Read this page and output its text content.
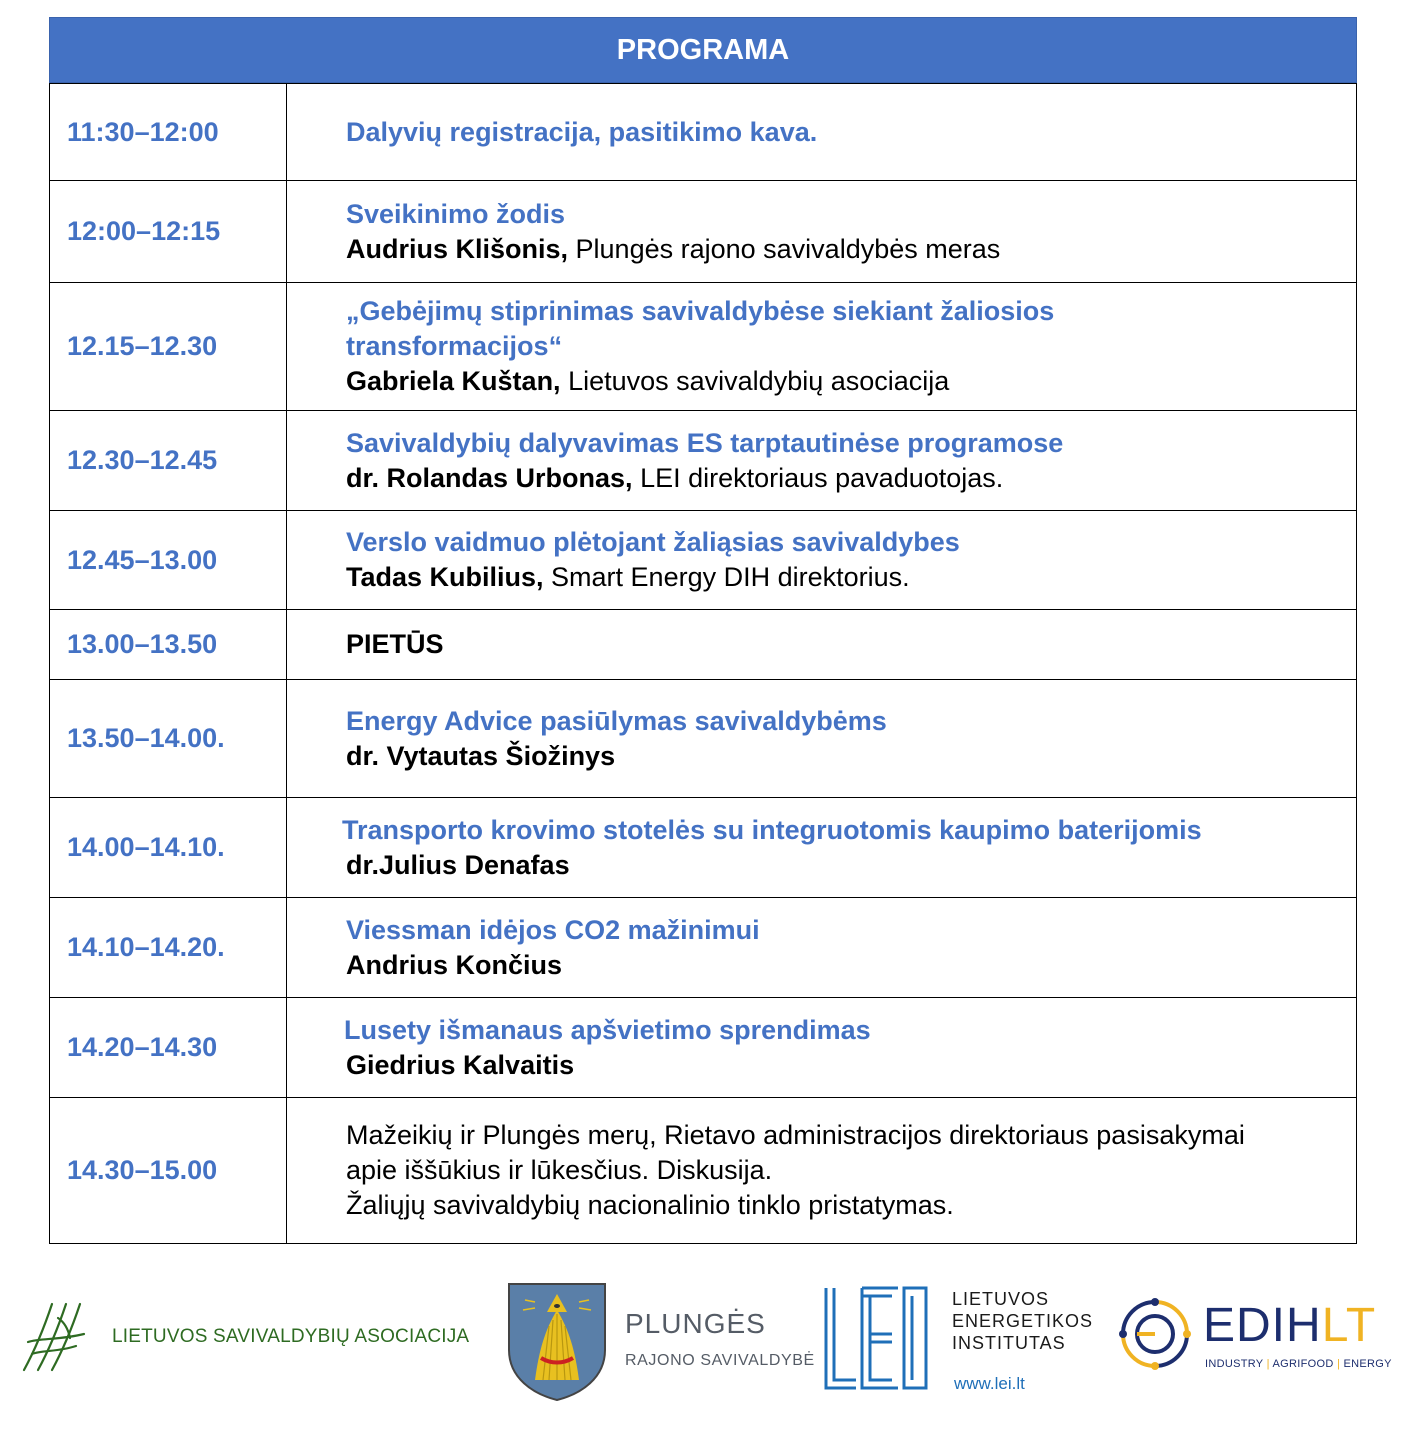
PROGRAMA
11:30–12:00	Dalyvių registracija, pasitikimo kava.

12:00–12:15	Sveikinimo žodis
Audrius Klišonis, Plungės rajono savivaldybės meras

12.15–12.30	„Gebėjimų stiprinimas savivaldybėse siekiant žaliosios
transformacijos“
Gabriela Kuštan, Lietuvos savivaldybių asociacija

12.30–12.45	Savivaldybių dalyvavimas ES tarptautinėse programose
dr. Rolandas Urbonas, LEI direktoriaus pavaduotojas.

12.45–13.00	Verslo vaidmuo plėtojant žaliąsias savivaldybes
Tadas Kubilius, Smart Energy DIH direktorius.

13.00–13.50	PIETŪS

13.50–14.00.	Energy Advice pasiūlymas savivaldybėms
dr. Vytautas Šiožinys

14.00–14.10.	Transporto krovimo stotelės su integruotomis kaupimo baterijomis
dr.Julius Denafas

14.10–14.20.	Viessman idėjos CO2 mažinimui
Andrius Končius

14.20–14.30	Lusety išmanaus apšvietimo sprendimas
Giedrius Kalvaitis

14.30–15.00	Mažeikių ir Plungės merų, Rietavo administracijos direktoriaus pasisakymai
apie iššūkius ir lūkesčius. Diskusija.
Žaliųjų savivaldybių nacionalinio tinklo pristatymas.
LIETUVOS SAVIVALDYBIŲ ASOCIACIJA	PLUNGĖS
RAJONO SAVIVALDYBĖ
LIETUVOS
ENERGETIKOS
INSTITUTAS
www.lei.lt
EDIHLT
INDUSTRY | AGRIFOOD | ENERGY
